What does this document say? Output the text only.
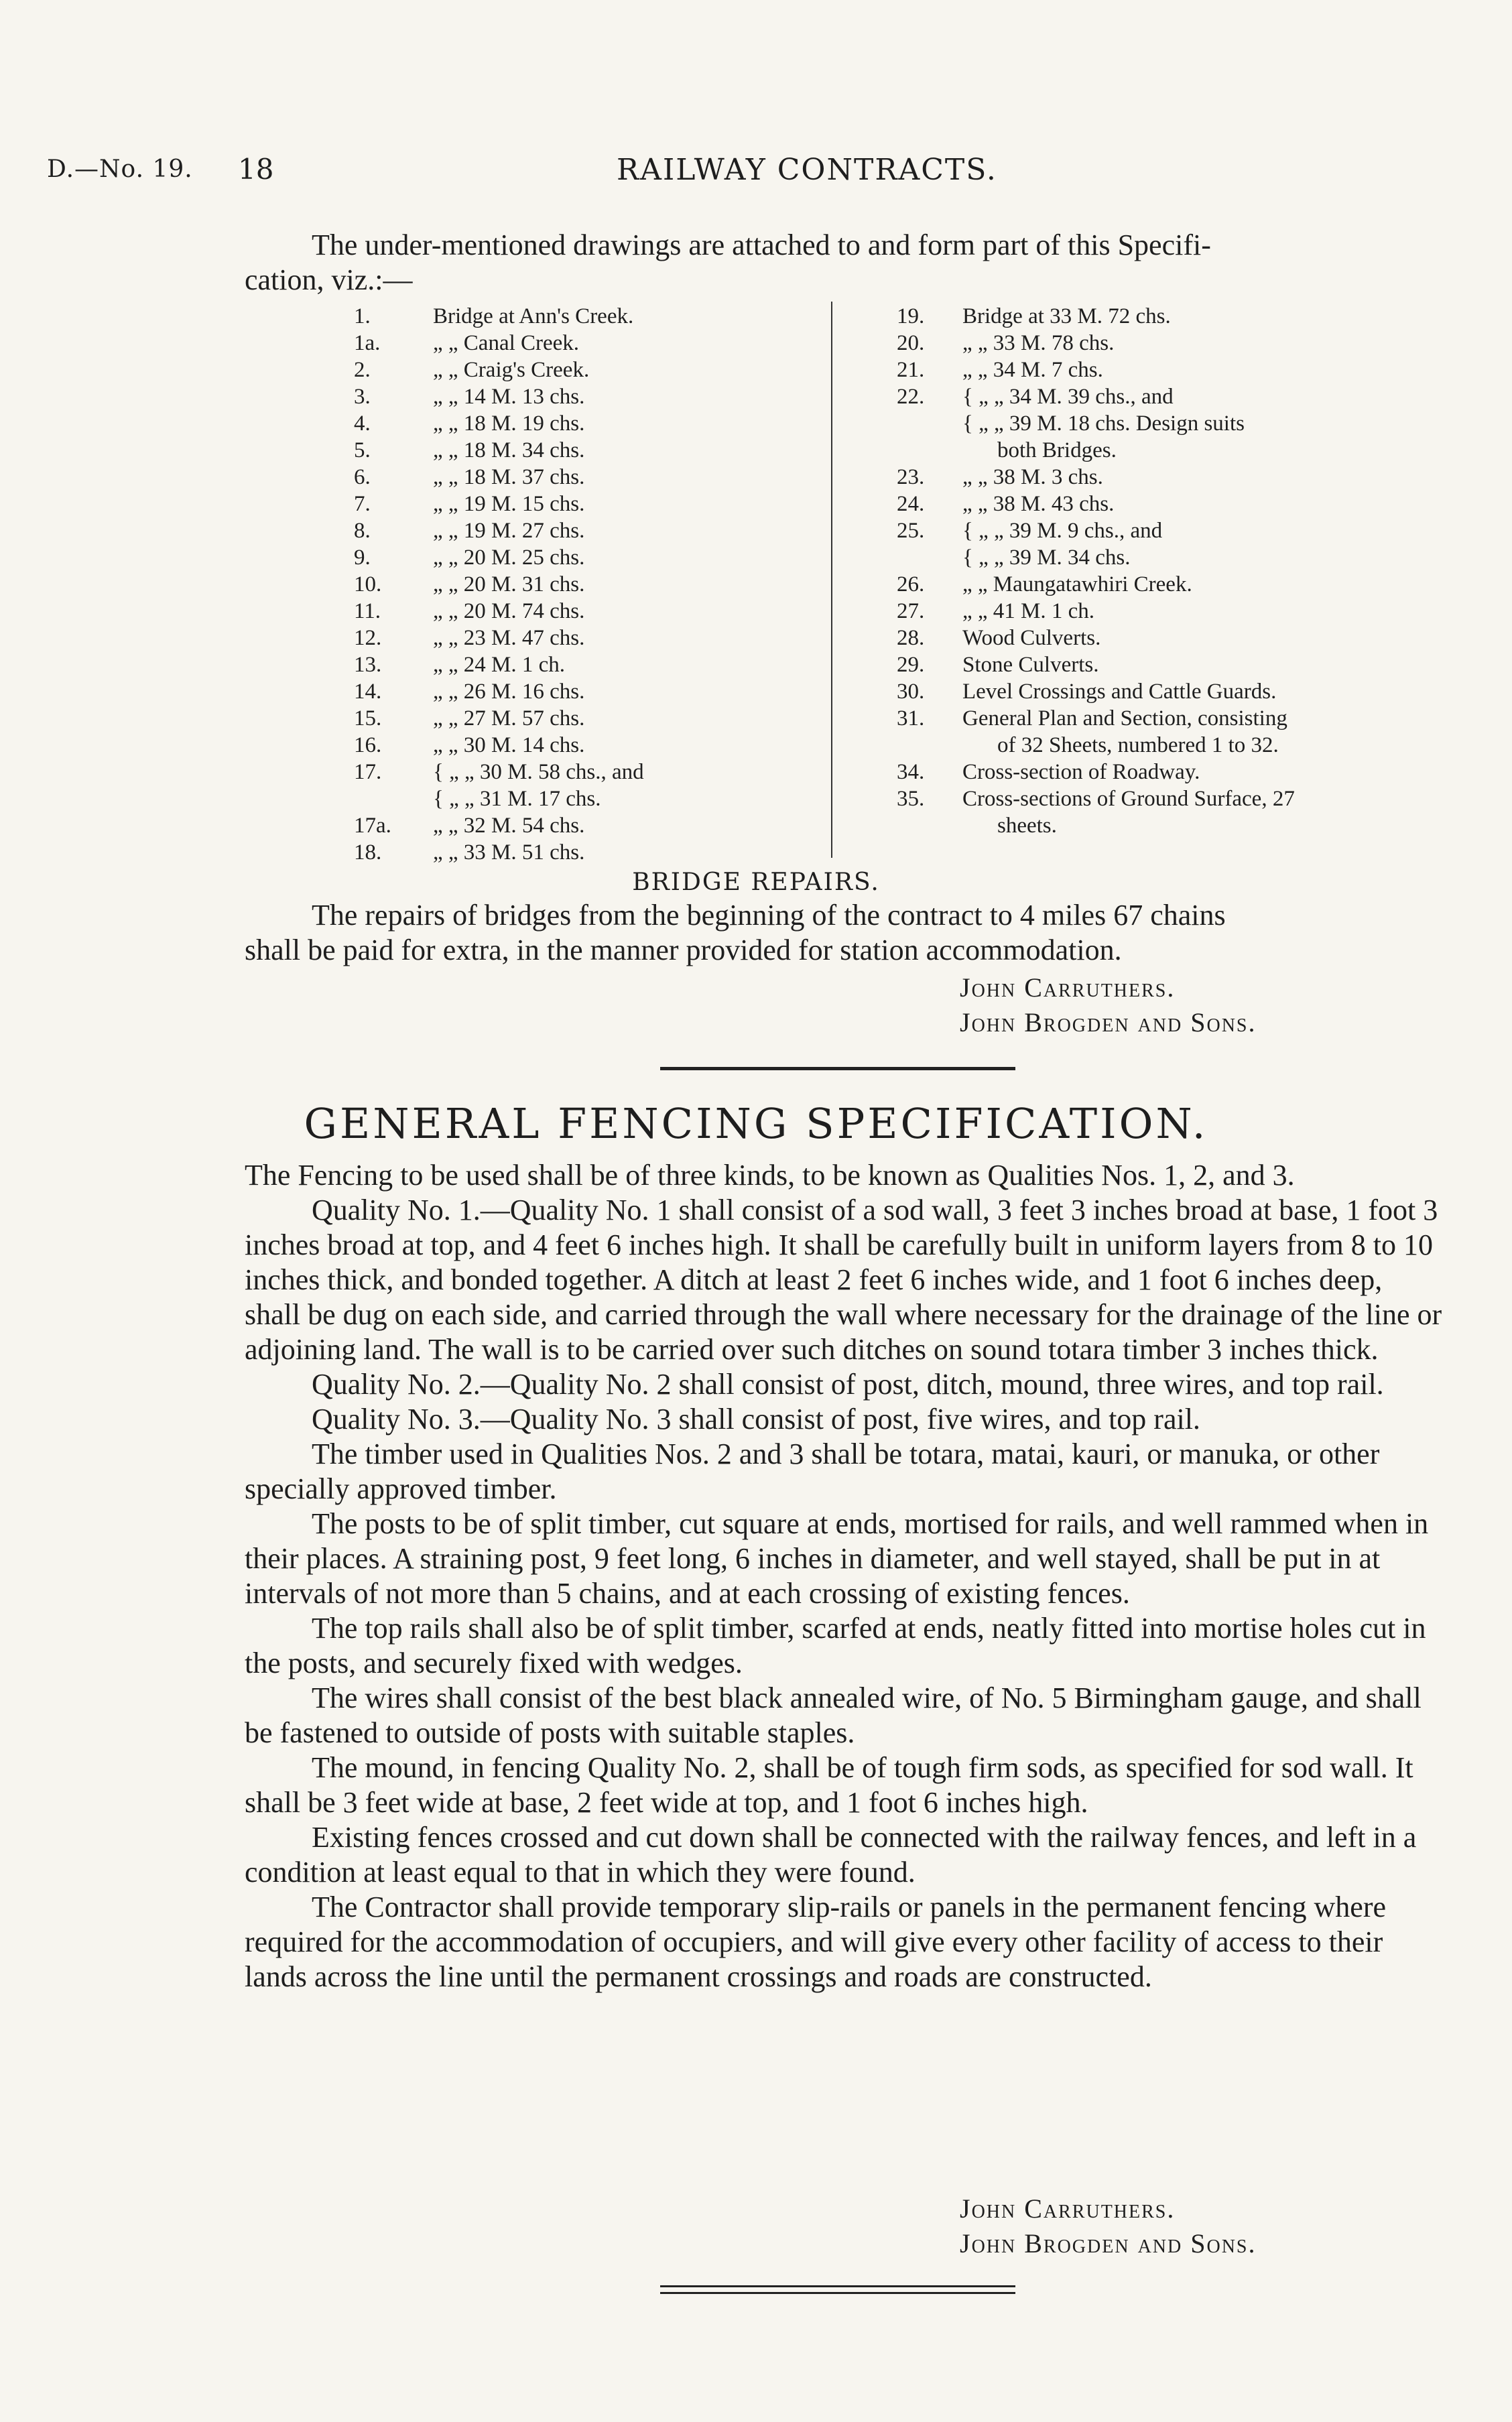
D.—No. 19. 18	RAILWAY CONTRACTS.

The under-mentioned drawings are attached to and form part of this Specifi-

cation, viz.:—

1.	Bridge at Ann's Creek.
1a. „ „ Canal Creek.
2.	„ „ Craig's Creek.
3.	„ „ 14 M. 13 chs.
4.	„ „ 18 M. 19 chs.
5.	„ „ 18 M. 34 chs.
6.	„ „ 18 M. 37 chs.
7.	„ „ 19 M. 15 chs.
8.	„ „ 19 M. 27 chs.
9.	„ „ 20 M. 25 chs.
10. „ „ 20 M. 31 chs.
11. „ „ 20 M. 74 chs.
12. „ „ 23 M. 47 chs.
13. „ „ 24 M. 1 ch.
14. „ „ 26 M. 16 chs.
15. „ „ 27 M. 57 chs.
16. „ „ 30 M. 14 chs.
17. { „ „ 30 M. 58 chs., and
{ „ „ 31 M. 17 chs.
17a. „ „ 32 M. 54 chs.
18. „ „ 33 M. 51 chs.
19. Bridge at 33 M. 72 chs.
20. „ „ 33 M. 78 chs.
21. „ „ 34 M. 7 chs.
22. { „ „ 34 M. 39 chs., and
{ „ „ 39 M. 18 chs. Design suits
both Bridges.
23. „ „ 38 M. 3 chs.
24. „ „ 38 M. 43 chs.
25. { „ „ 39 M. 9 chs., and
{ „ „ 39 M. 34 chs.
26. „ „ Maungatawhiri Creek.
27. „ „ 41 M. 1 ch.
28. Wood Culverts.
29. Stone Culverts.
30. Level Crossings and Cattle Guards.
31. General Plan and Section, consisting
of 32 Sheets, numbered 1 to 32.
34. Cross-section of Roadway.
35. Cross-sections of Ground Surface, 27
sheets.
BRIDGE REPAIRS.

The repairs of bridges from the beginning of the contract to 4 miles 67 chains

shall be paid for extra, in the manner provided for station accommodation.

John Carruthers.
John Brogden and Sons.
GENERAL FENCING SPECIFICATION.

The Fencing to be used shall be of three kinds, to be known as Qualities Nos. 1, 2, and 3.

Quality No. 1.—Quality No. 1 shall consist of a sod wall, 3 feet 3 inches broad at base, 1 foot 3 inches broad at top, and 4 feet 6 inches high. It shall be carefully built in uniform layers from 8 to 10 inches thick, and bonded together. A ditch at least 2 feet 6 inches wide, and 1 foot 6 inches deep, shall be dug on each side, and carried through the wall where necessary for the drainage of the line or adjoining land. The wall is to be carried over such ditches on sound totara timber 3 inches thick.

Quality No. 2.—Quality No. 2 shall consist of post, ditch, mound, three wires, and top rail.

Quality No. 3.—Quality No. 3 shall consist of post, five wires, and top rail.

The timber used in Qualities Nos. 2 and 3 shall be totara, matai, kauri, or manuka, or other specially approved timber.

The posts to be of split timber, cut square at ends, mortised for rails, and well rammed when in their places. A straining post, 9 feet long, 6 inches in diameter, and well stayed, shall be put in at intervals of not more than 5 chains, and at each crossing of existing fences.

The top rails shall also be of split timber, scarfed at ends, neatly fitted into mortise holes cut in the posts, and securely fixed with wedges.

The wires shall consist of the best black annealed wire, of No. 5 Birmingham gauge, and shall be fastened to outside of posts with suitable staples.

The mound, in fencing Quality No. 2, shall be of tough firm sods, as specified for sod wall. It shall be 3 feet wide at base, 2 feet wide at top, and 1 foot 6 inches high.

Existing fences crossed and cut down shall be connected with the railway fences, and left in a condition at least equal to that in which they were found.

The Contractor shall provide temporary slip-rails or panels in the permanent fencing where required for the accommodation of occupiers, and will give every other facility of access to their lands across the line until the permanent crossings and roads are constructed.

John Carruthers.
John Brogden and Sons.
